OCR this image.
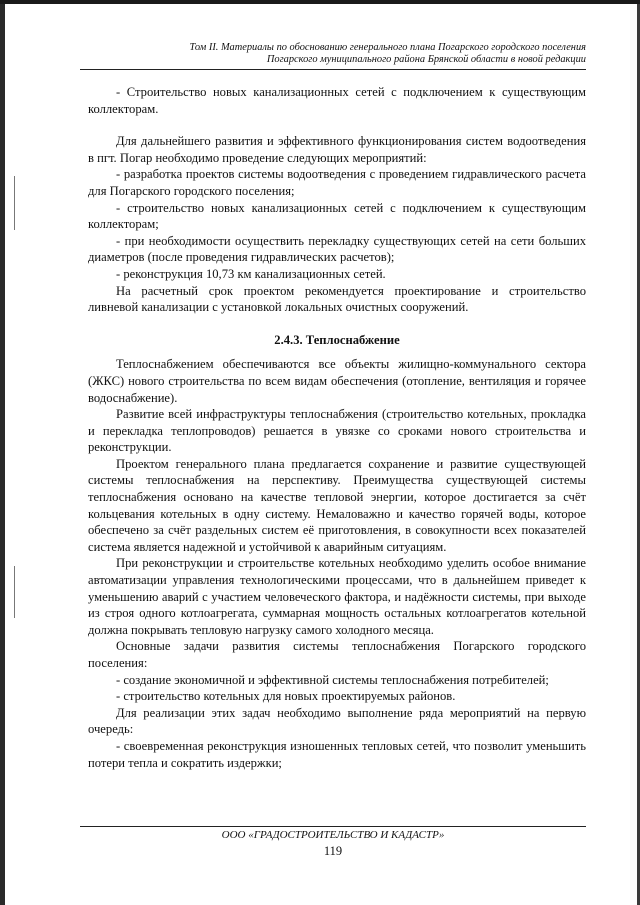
Том II. Материалы по обоснованию генерального плана Погарского городского поселения
Погарского муниципального района Брянской области в новой редакции

- Строительство новых канализационных сетей с подключением к существующим коллекторам.

Для дальнейшего развития и эффективного функционирования систем водоотведения в пгт. Погар необходимо проведение следующих мероприятий:

- разработка проектов системы водоотведения с проведением гидравлического расчета для Погарского городского поселения;

- строительство новых канализационных сетей с подключением к существующим коллекторам;

- при необходимости осуществить перекладку существующих сетей на сети больших диаметров (после проведения гидравлических расчетов);

- реконструкция 10,73 км канализационных сетей.

На расчетный срок проектом рекомендуется проектирование и строительство ливневой канализации с установкой локальных очистных сооружений.

2.4.3. Теплоснабжение

Теплоснабжением обеспечиваются все объекты жилищно-коммунального сектора (ЖКС) нового строительства по всем видам обеспечения (отопление, вентиляция и горячее водоснабжение).

Развитие всей инфраструктуры теплоснабжения (строительство котельных, прокладка и перекладка теплопроводов) решается в увязке со сроками нового строительства и реконструкции.

Проектом генерального плана предлагается сохранение и развитие существующей системы теплоснабжения на перспективу. Преимущества существующей системы теплоснабжения основано на качестве тепловой энергии, которое достигается за счёт кольцевания котельных в одну систему. Немаловажно и качество горячей воды, которое обеспечено за счёт раздельных систем её приготовления, в совокупности всех показателей система является надежной и устойчивой к аварийным ситуациям.

При реконструкции и строительстве котельных необходимо уделить особое внимание автоматизации управления технологическими процессами, что в дальнейшем приведет к уменьшению аварий с участием человеческого фактора, и надёжности системы, при выходе из строя одного котлоагрегата, суммарная мощность остальных котлоагрегатов котельной должна покрывать тепловую нагрузку самого холодного месяца.

Основные задачи развития системы теплоснабжения Погарского городского поселения:

- создание экономичной и эффективной системы теплоснабжения потребителей;

- строительство котельных для новых проектируемых районов.

Для реализации этих задач необходимо выполнение ряда мероприятий на первую очередь:

- своевременная реконструкция изношенных тепловых сетей, что позволит уменьшить потери тепла и сократить издержки;

ООО «ГРАДОСТРОИТЕЛЬСТВО И КАДАСТР»
119
